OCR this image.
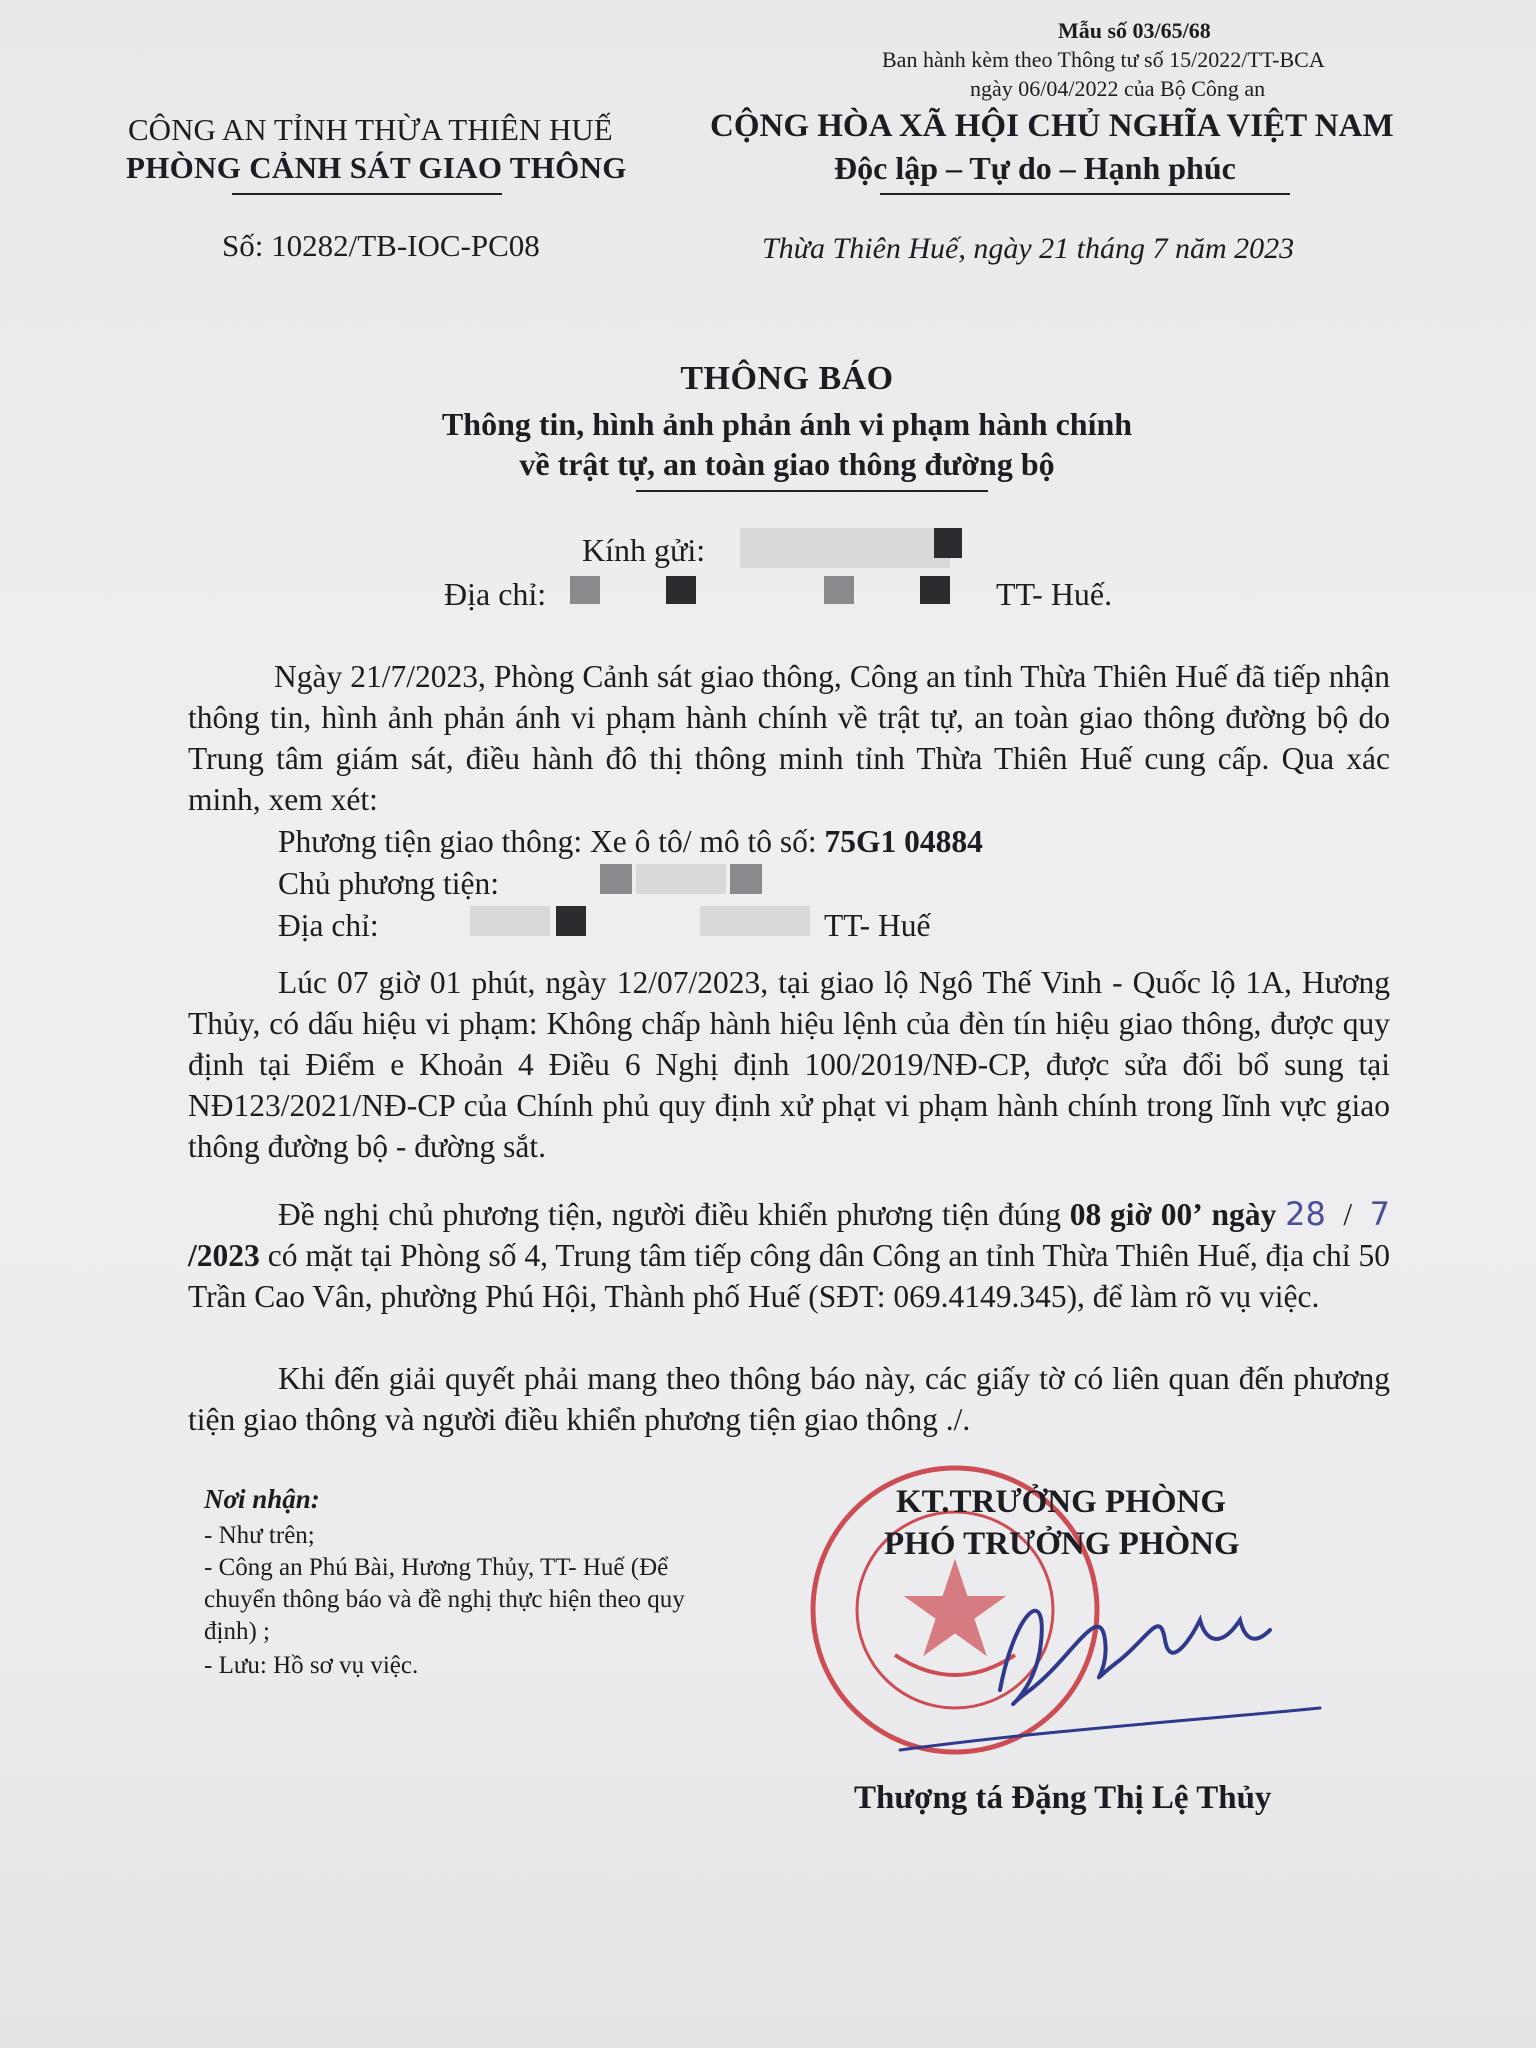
Mẫu số 03/65/68
Ban hành kèm theo Thông tư số 15/2022/TT-BCA
ngày 06/04/2022 của Bộ Công an
CÔNG AN TỈNH THỪA THIÊN HUẾ
PHÒNG CẢNH SÁT GIAO THÔNG
CỘNG HÒA XÃ HỘI CHỦ NGHĨA VIỆT NAM
Độc lập – Tự do – Hạnh phúc
Số: 10282/TB-IOC-PC08	Thừa Thiên Huế, ngày 21 tháng 7 năm 2023
THÔNG BÁO
Thông tin, hình ảnh phản ánh vi phạm hành chính
về trật tự, an toàn giao thông đường bộ
Kính gửi:
Địa chỉ:	TT- Huế.
Ngày 21/7/2023, Phòng Cảnh sát giao thông, Công an tỉnh Thừa Thiên Huế đã tiếp nhận thông tin, hình ảnh phản ánh vi phạm hành chính về trật tự, an toàn giao thông đường bộ do Trung tâm giám sát, điều hành đô thị thông minh tỉnh Thừa Thiên Huế cung cấp. Qua xác minh, xem xét:
Phương tiện giao thông: Xe ô tô/ mô tô số: 75G1 04884
Chủ phương tiện:
Địa chỉ:	TT- Huế
Lúc 07 giờ 01 phút, ngày 12/07/2023, tại giao lộ Ngô Thế Vinh - Quốc lộ 1A, Hương Thủy, có dấu hiệu vi phạm: Không chấp hành hiệu lệnh của đèn tín hiệu giao thông, được quy định tại Điểm e Khoản 4 Điều 6 Nghị định 100/2019/NĐ-CP, được sửa đổi bổ sung tại NĐ123/2021/NĐ-CP của Chính phủ quy định xử phạt vi phạm hành chính trong lĩnh vực giao thông đường bộ - đường sắt.
Đề nghị chủ phương tiện, người điều khiển phương tiện đúng 08 giờ 00’ ngày 28  /  7 /2023 có mặt tại Phòng số 4, Trung tâm tiếp công dân Công an tỉnh Thừa Thiên Huế, địa chỉ 50 Trần Cao Vân, phường Phú Hội, Thành phố Huế (SĐT: 069.4149.345), để làm rõ vụ việc.
Khi đến giải quyết phải mang theo thông báo này, các giấy tờ có liên quan đến phương tiện giao thông và người điều khiển phương tiện giao thông ./.
Nơi nhận:
- Như trên;
- Công an Phú Bài, Hương Thủy, TT- Huế (Để
chuyển thông báo và đề nghị thực hiện theo quy
định) ;
- Lưu: Hồ sơ vụ việc.
KT.TRƯỞNG PHÒNG
PHÓ TRƯỞNG PHÒNG
Thượng tá Đặng Thị Lệ Thủy
